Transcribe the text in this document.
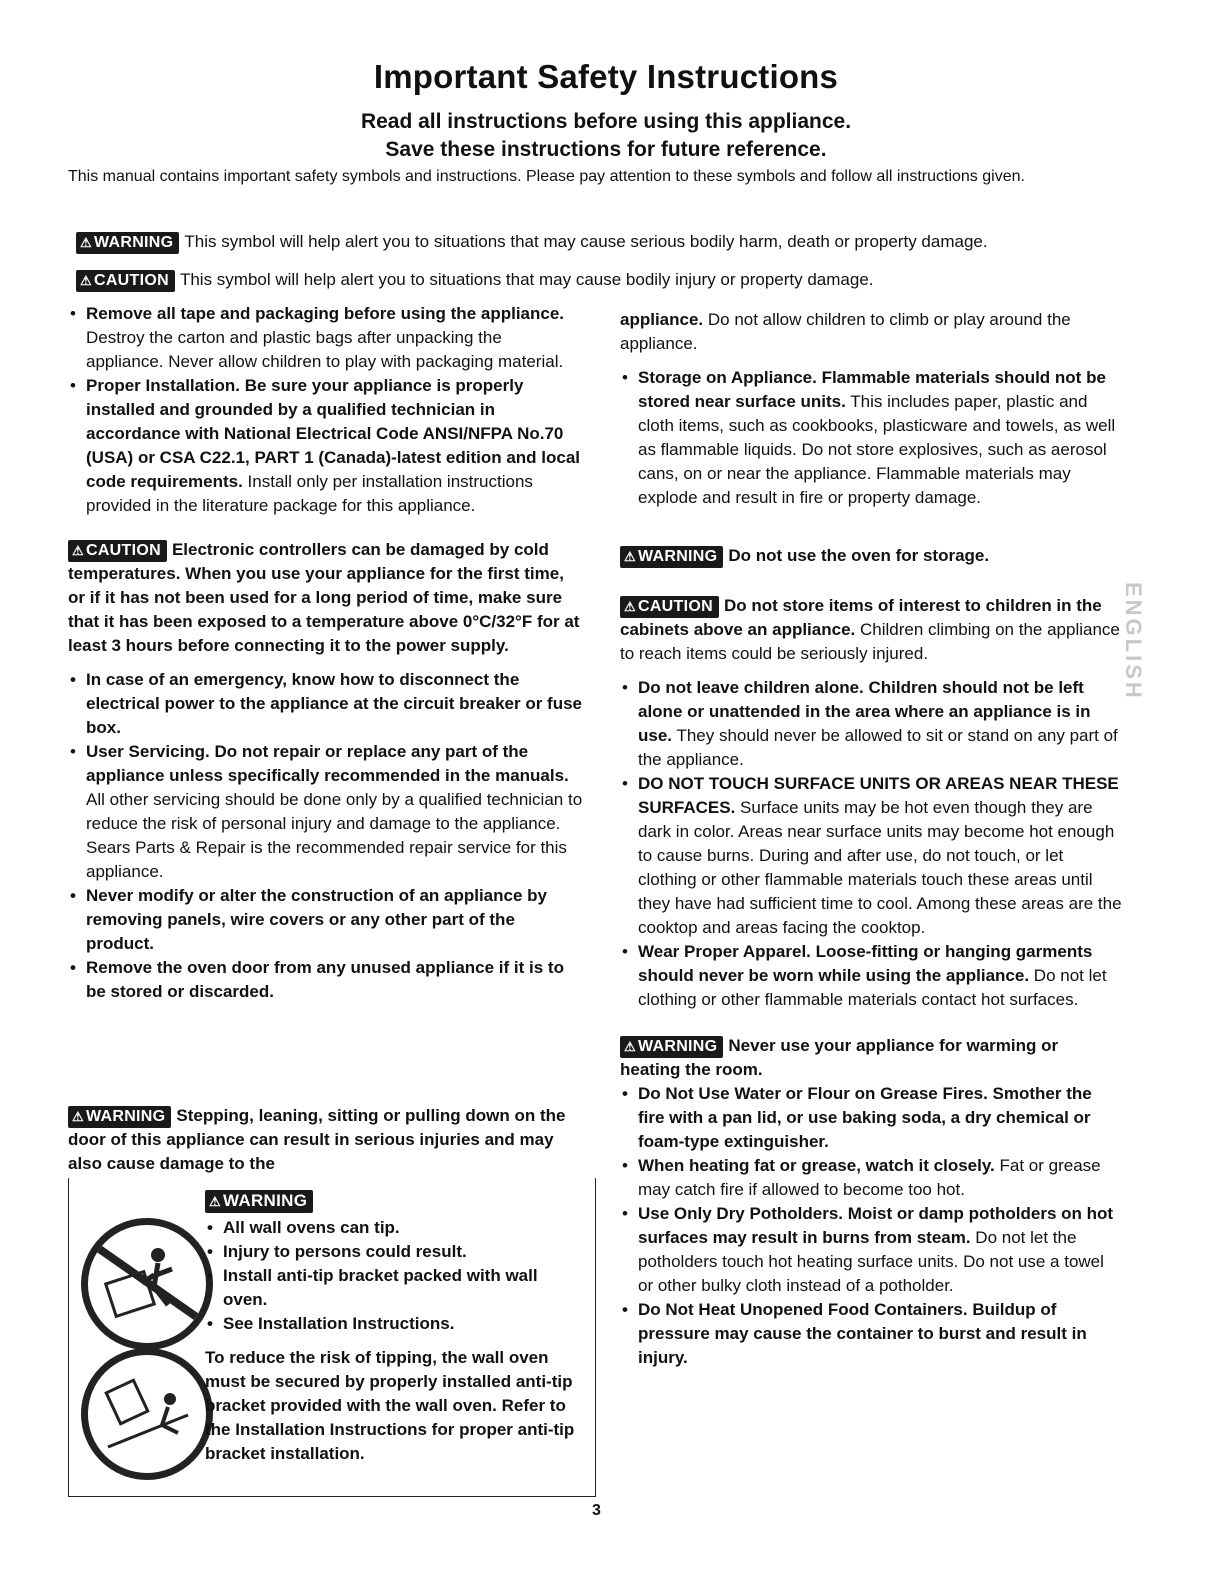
Important Safety Instructions

Read all instructions before using this appliance.

Save these instructions for future reference.

This manual contains important safety symbols and instructions. Please pay attention to these symbols and follow all instructions given.
⚠ WARNING This symbol will help alert you to situations that may cause serious bodily harm, death or property damage.
⚠ CAUTION This symbol will help alert you to situations that may cause bodily injury or property damage.
• Remove all tape and packaging before using the appliance. Destroy the carton and plastic bags after unpacking the appliance. Never allow children to play with packaging material.
• Proper Installation. Be sure your appliance is properly installed and grounded by a qualified technician in accordance with National Electrical Code ANSI/NFPA No.70 (USA) or CSA C22.1, PART 1 (Canada)-latest edition and local code requirements. Install only per installation instructions provided in the literature package for this appliance.

⚠ CAUTION Electronic controllers can be damaged by cold temperatures. When you use your appliance for the first time, or if it has not been used for a long period of time, make sure that it has been exposed to a temperature above 0°C/32°F for at least 3 hours before connecting it to the power supply.

• In case of an emergency, know how to disconnect the electrical power to the appliance at the circuit breaker or fuse box.
• User Servicing. Do not repair or replace any part of the appliance unless specifically recommended in the manuals. All other servicing should be done only by a qualified technician to reduce the risk of personal injury and damage to the appliance. Sears Parts & Repair is the recommended repair service for this appliance.
• Never modify or alter the construction of an appliance by removing panels, wire covers or any other part of the product.
• Remove the oven door from any unused appliance if it is to be stored or discarded.
⚠ WARNING Stepping, leaning, sitting or pulling down on the door of this appliance can result in serious injuries and may also cause damage to the
⚠ WARNING
• All wall ovens can tip.
• Injury to persons could result.
• Install anti-tip bracket packed with wall oven.
• See Installation Instructions.

To reduce the risk of tipping, the wall oven must be secured by properly installed anti-tip bracket provided with the wall oven. Refer to the Installation Instructions for proper anti-tip bracket installation.

appliance. Do not allow children to climb or play around the appliance.

• Storage on Appliance. Flammable materials should not be stored near surface units. This includes paper, plastic and cloth items, such as cookbooks, plasticware and towels, as well as flammable liquids. Do not store explosives, such as aerosol cans, on or near the appliance. Flammable materials may explode and result in fire or property damage.

⚠ WARNING Do not use the oven for storage.

⚠ CAUTION Do not store items of interest to children in the cabinets above an appliance. Children climbing on the appliance to reach items could be seriously injured.

• Do not leave children alone. Children should not be left alone or unattended in the area where an appliance is in use. They should never be allowed to sit or stand on any part of the appliance.
• DO NOT TOUCH SURFACE UNITS OR AREAS NEAR THESE SURFACES. Surface units may be hot even though they are dark in color. Areas near surface units may become hot enough to cause burns. During and after use, do not touch, or let clothing or other flammable materials touch these areas until they have had sufficient time to cool. Among these areas are the cooktop and areas facing the cooktop.
• Wear Proper Apparel. Loose-fitting or hanging garments should never be worn while using the appliance. Do not let clothing or other flammable materials contact hot surfaces.

⚠ WARNING Never use your appliance for warming or heating the room.

• Do Not Use Water or Flour on Grease Fires. Smother the fire with a pan lid, or use baking soda, a dry chemical or foam-type extinguisher.
• When heating fat or grease, watch it closely. Fat or grease may catch fire if allowed to become too hot.
• Use Only Dry Potholders. Moist or damp potholders on hot surfaces may result in burns from steam. Do not let the potholders touch hot heating surface units. Do not use a towel or other bulky cloth instead of a potholder.
• Do Not Heat Unopened Food Containers. Buildup of pressure may cause the container to burst and result in injury.
ENGLISH
3
